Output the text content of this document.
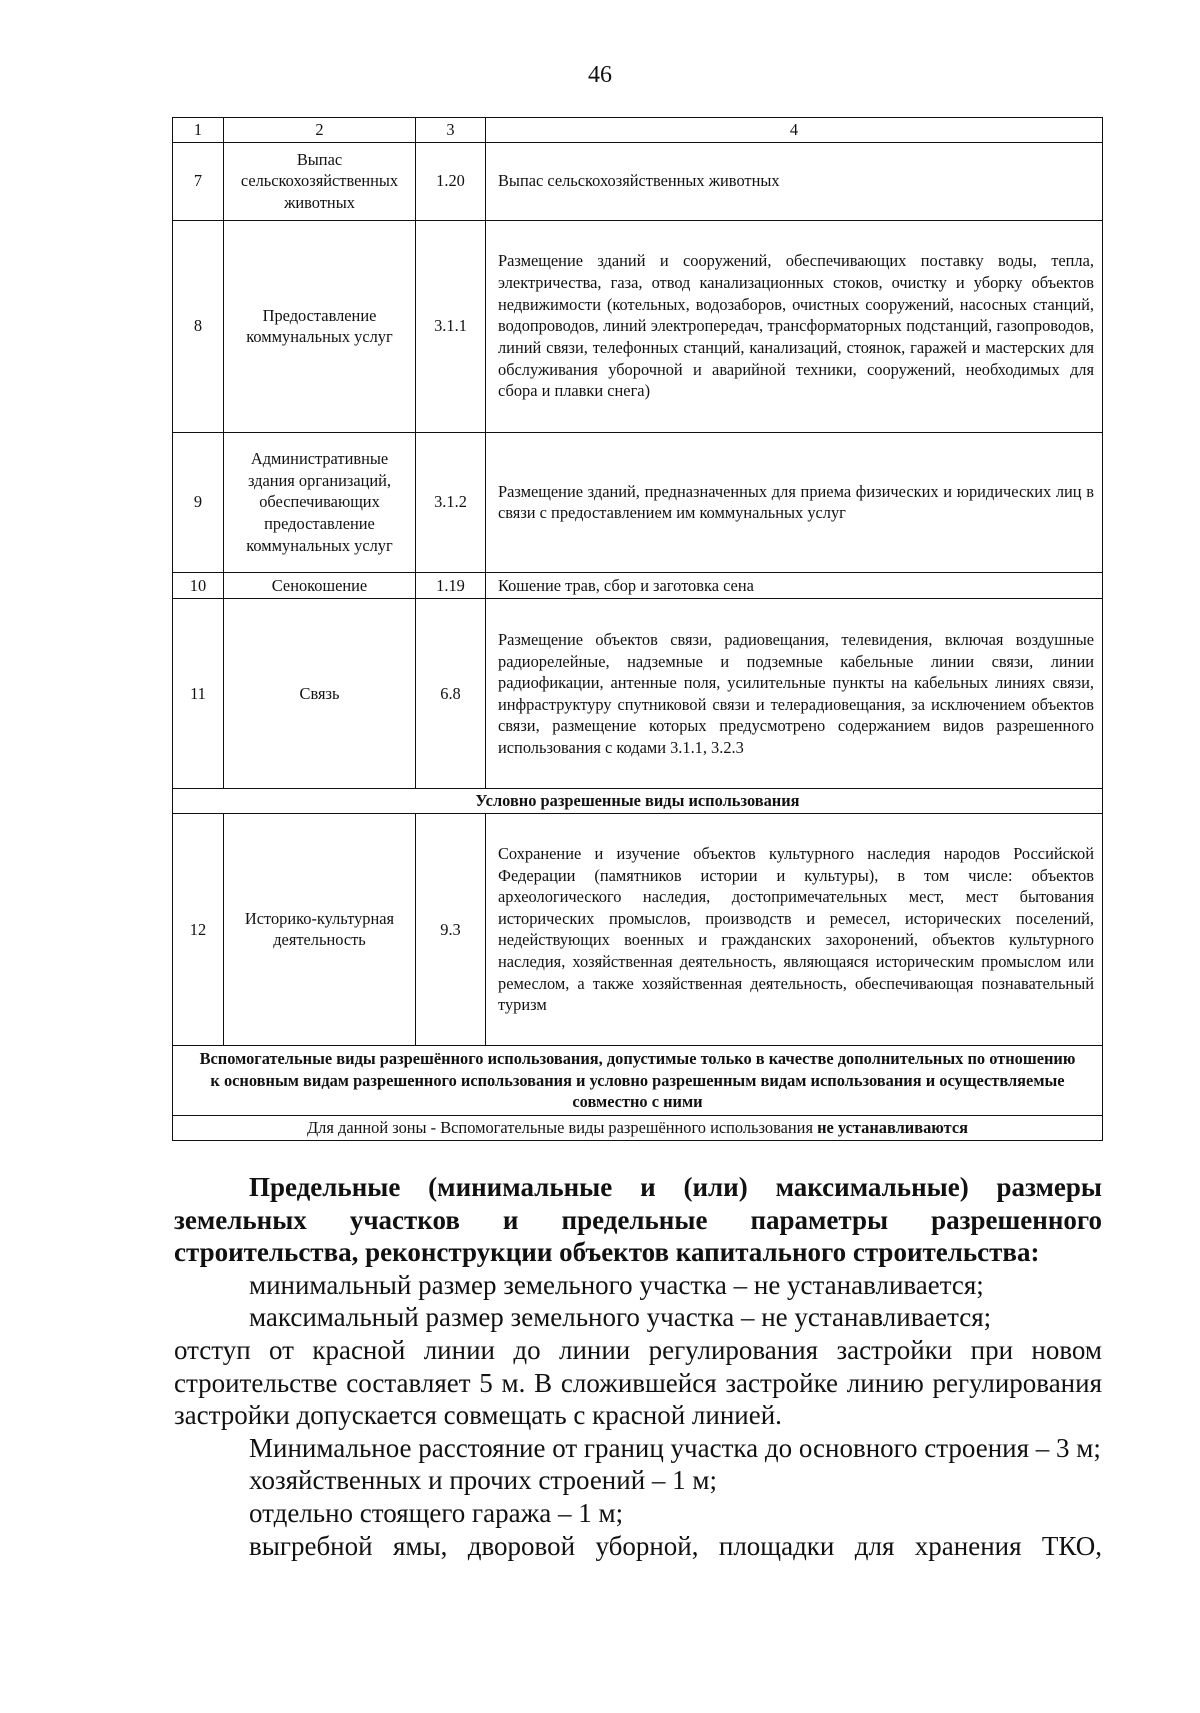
46
1	2	3	4
7	Выпас сельскохозяйственных животных	1.20	Выпас сельскохозяйственных животных
8	Предоставление коммунальных услуг	3.1.1	Размещение зданий и сооружений, обеспечивающих поставку воды, тепла, электричества, газа, отвод канализационных стоков, очистку и уборку объектов недвижимости (котельных, водозаборов, очистных сооружений, насосных станций, водопроводов, линий электропередач, трансформаторных подстанций, газопроводов, линий связи, телефонных станций, канализаций, стоянок, гаражей и мастерских для обслуживания уборочной и аварийной техники, сооружений, необходимых для сбора и плавки снега)
9	Административные здания организаций, обеспечивающих предоставление коммунальных услуг	3.1.2	Размещение зданий, предназначенных для приема физических и юридических лиц в связи с предоставлением им коммунальных услуг
10	Сенокошение	1.19	Кошение трав, сбор и заготовка сена
11	Связь	6.8	Размещение объектов связи, радиовещания, телевидения, включая воздушные радиорелейные, надземные и подземные кабельные линии связи, линии радиофикации, антенные поля, усилительные пункты на кабельных линиях связи, инфраструктуру спутниковой связи и телерадиовещания, за исключением объектов связи, размещение которых предусмотрено содержанием видов разрешенного использования с кодами 3.1.1, 3.2.3
Условно разрешенные виды использования			
12	Историко-культурная деятельность	9.3	Сохранение и изучение объектов культурного наследия народов Российской Федерации (памятников истории и культуры), в том числе: объектов археологического наследия, достопримечательных мест, мест бытования исторических промыслов, производств и ремесел, исторических поселений, недействующих военных и гражданских захоронений, объектов культурного наследия, хозяйственная деятельность, являющаяся историческим промыслом или ремеслом, а также хозяйственная деятельность, обеспечивающая познавательный туризм
Вспомогательные виды разрешённого использования, допустимые только в качестве дополнительных по отношению к основным видам разрешенного использования и условно разрешенным видам использования и осуществляемые совместно с ними			
Для данной зоны - Вспомогательные виды разрешённого использования не устанавливаются			

Предельные (минимальные и (или) максимальные) размеры земельных участков и предельные параметры разрешенного строительства, реконструкции объектов капитального строительства:

минимальный размер земельного участка – не устанавливается;

максимальный размер земельного участка – не устанавливается;

отступ от красной линии до линии регулирования застройки при новом строительстве составляет 5 м. В сложившейся застройке линию регулирования застройки допускается совмещать с красной линией.

Минимальное расстояние от границ участка до основного строения – 3 м;

хозяйственных и прочих строений – 1 м;

отдельно стоящего гаража – 1 м;

выгребной ямы, дворовой уборной, площадки для хранения ТКО,
